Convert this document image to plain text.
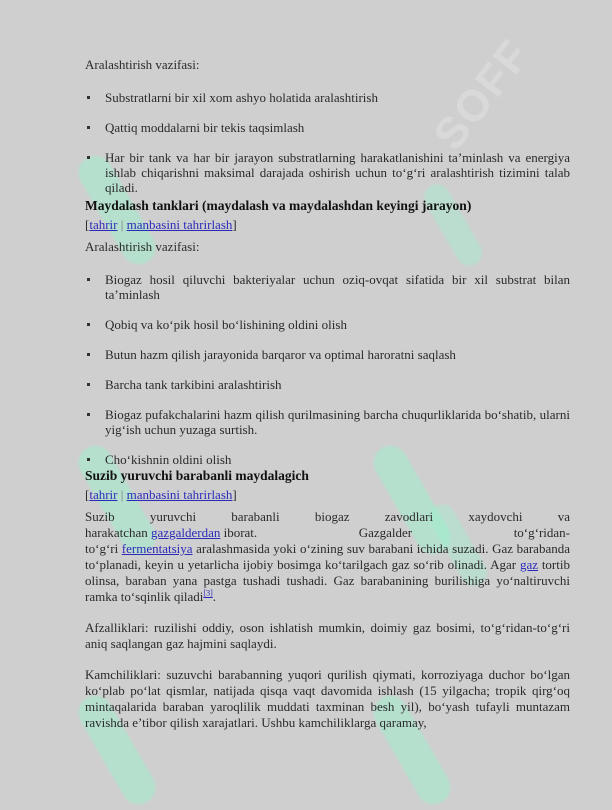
SOFF

Aralashtirish vazifasi:

Substratlarni bir xil xom ashyo holatida aralashtirish
Qattiq moddalarni bir tekis taqsimlash
Har bir tank va har bir jarayon substratlarning harakatlanishini ta’minlash va energiya ishlab chiqarishni maksimal darajada oshirish uchun to‘g‘ri aralashtirish tizimini talab qiladi.
Maydalash tanklari (maydalash va maydalashdan keyingi jarayon)
[tahrir | manbasini tahrirlash]

Aralashtirish vazifasi:

Biogaz hosil qiluvchi bakteriyalar uchun oziq-ovqat sifatida bir xil substrat bilan ta’minlash
Qobiq va ko‘pik hosil bo‘lishining oldini olish
Butun hazm qilish jarayonida barqaror va optimal haroratni saqlash
Barcha tank tarkibini aralashtirish
Biogaz pufakchalarini hazm qilish qurilmasining barcha chuqurliklarida bo‘shatib, ularni yig‘ish uchun yuzaga surtish.
Cho‘kishnin oldini olish
Suzib yuruvchi barabanli maydalagich
[tahrir | manbasini tahrirlash]

Suzib yuruvchi barabanli biogaz zavodlari xaydovchi va

harakatchan gazgalderdan iborat.	Gazgalder	to‘g‘ridan-

to‘g‘ri fermentatsiya aralashmasida yoki o‘zining suv barabani ichida suzadi. Gaz barabanda to‘planadi, keyin u yetarlicha ijobiy bosimga ko‘tarilgach gaz so‘rib olinadi. Agar gaz tortib olinsa, baraban yana pastga tushadi tushadi. Gaz barabanining burilishiga yo‘naltiruvchi ramka to‘sqinlik qiladi[3].

Afzalliklari: ruzilishi oddiy, oson ishlatish mumkin, doimiy gaz bosimi, to‘g‘ridan-to‘g‘ri aniq saqlangan gaz hajmini saqlaydi.

Kamchiliklari: suzuvchi barabanning yuqori qurilish qiymati, korroziyaga duchor bo‘lgan ko‘plab po‘lat qismlar, natijada qisqa vaqt davomida ishlash (15 yilgacha; tropik qirg‘oq mintaqalarida baraban yaroqlilik muddati taxminan besh yil), bo‘yash tufayli muntazam ravishda e’tibor qilish xarajatlari. Ushbu kamchiliklarga qaramay,
